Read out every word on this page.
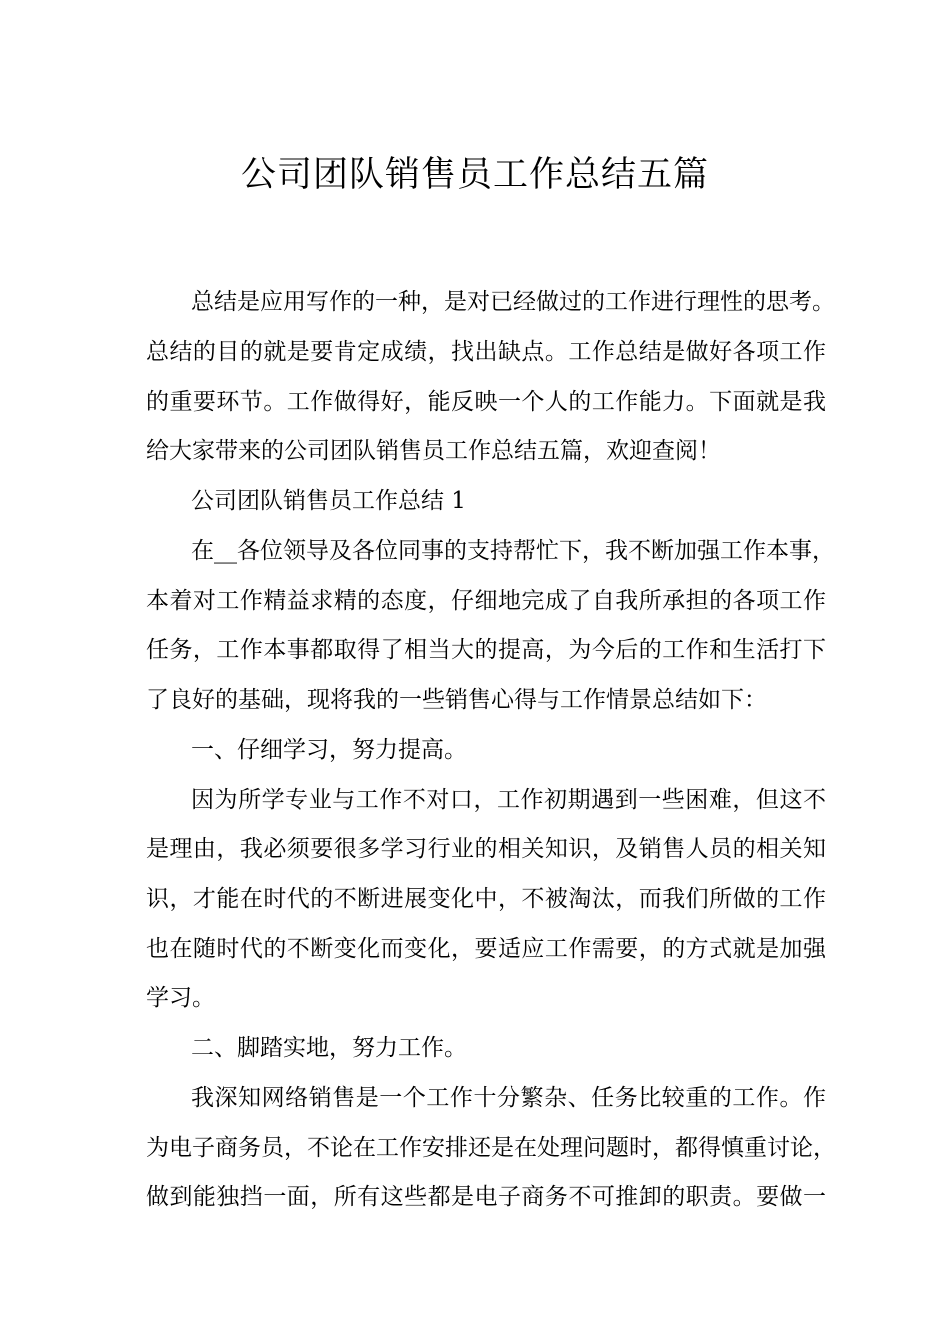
公司团队销售员工作总结五篇
总结是应用写作的一种，是对已经做过的工作进行理性的思考。
总结的目的就是要肯定成绩，找出缺点。工作总结是做好各项工作
的重要环节。工作做得好，能反映一个人的工作能力。下面就是我
给大家带来的公司团队销售员工作总结五篇，欢迎查阅！
公司团队销售员工作总结 1
在__各位领导及各位同事的支持帮忙下，我不断加强工作本事，
本着对工作精益求精的态度，仔细地完成了自我所承担的各项工作
任务，工作本事都取得了相当大的提高，为今后的工作和生活打下
了良好的基础，现将我的一些销售心得与工作情景总结如下：
一、仔细学习，努力提高。
因为所学专业与工作不对口，工作初期遇到一些困难，但这不
是理由，我必须要很多学习行业的相关知识，及销售人员的相关知
识，才能在时代的不断进展变化中，不被淘汰，而我们所做的工作
也在随时代的不断变化而变化，要适应工作需要，的方式就是加强
学习。
二、脚踏实地，努力工作。
我深知网络销售是一个工作十分繁杂、任务比较重的工作。作
为电子商务员，不论在工作安排还是在处理问题时，都得慎重讨论，
做到能独挡一面，所有这些都是电子商务不可推卸的职责。要做一
